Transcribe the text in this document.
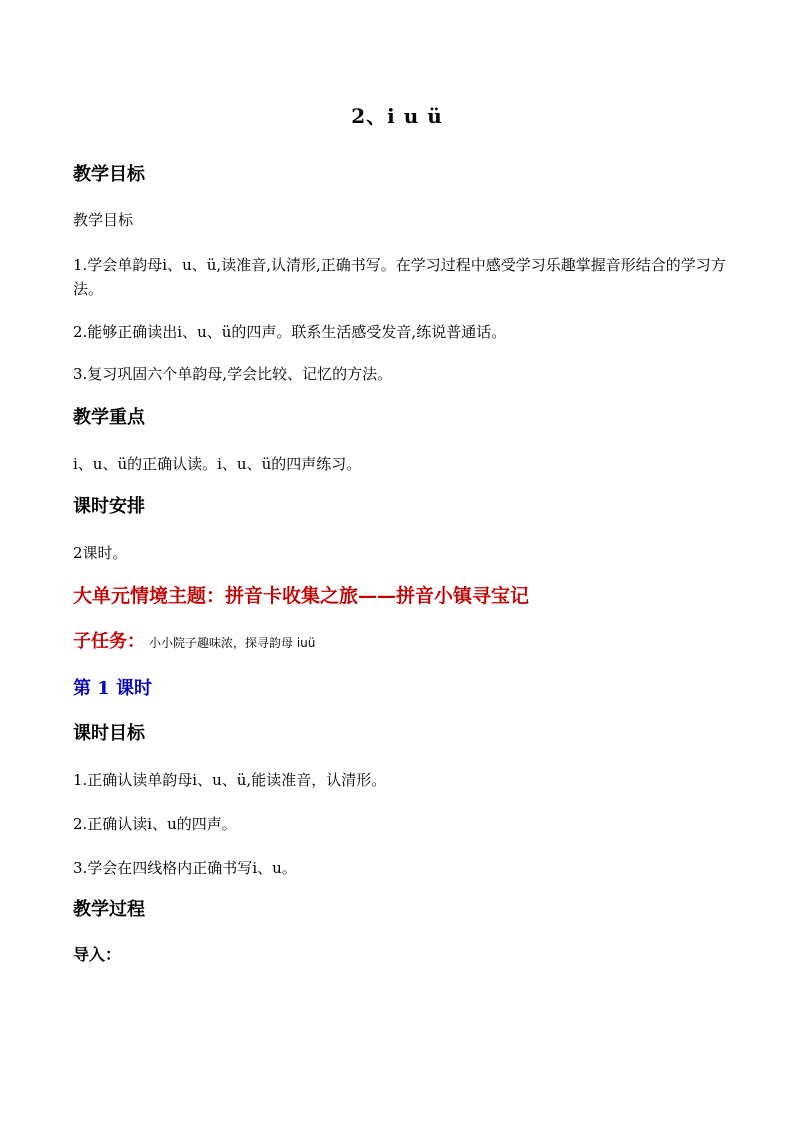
2、i u ü
教学目标
教学目标
1.学会单韵母i、u、ü,读准音,认清形,正确书写。在学习过程中感受学习乐趣掌握音形结合的学习方法。
2.能够正确读出i、u、ü的四声。联系生活感受发音,练说普通话。
3.复习巩固六个单韵母,学会比较、记忆的方法。
教学重点
i、u、ü的正确认读。i、u、ü的四声练习。
课时安排
2课时。
大单元情境主题：拼音卡收集之旅——拼音小镇寻宝记
子任务： 小小院子趣味浓，探寻韵母 iuü
第 1 课时
课时目标
1.正确认读单韵母i、u、ü,能读准音，认清形。
2.正确认读i、u的四声。
3.学会在四线格内正确书写i、u。
教学过程
导入：
